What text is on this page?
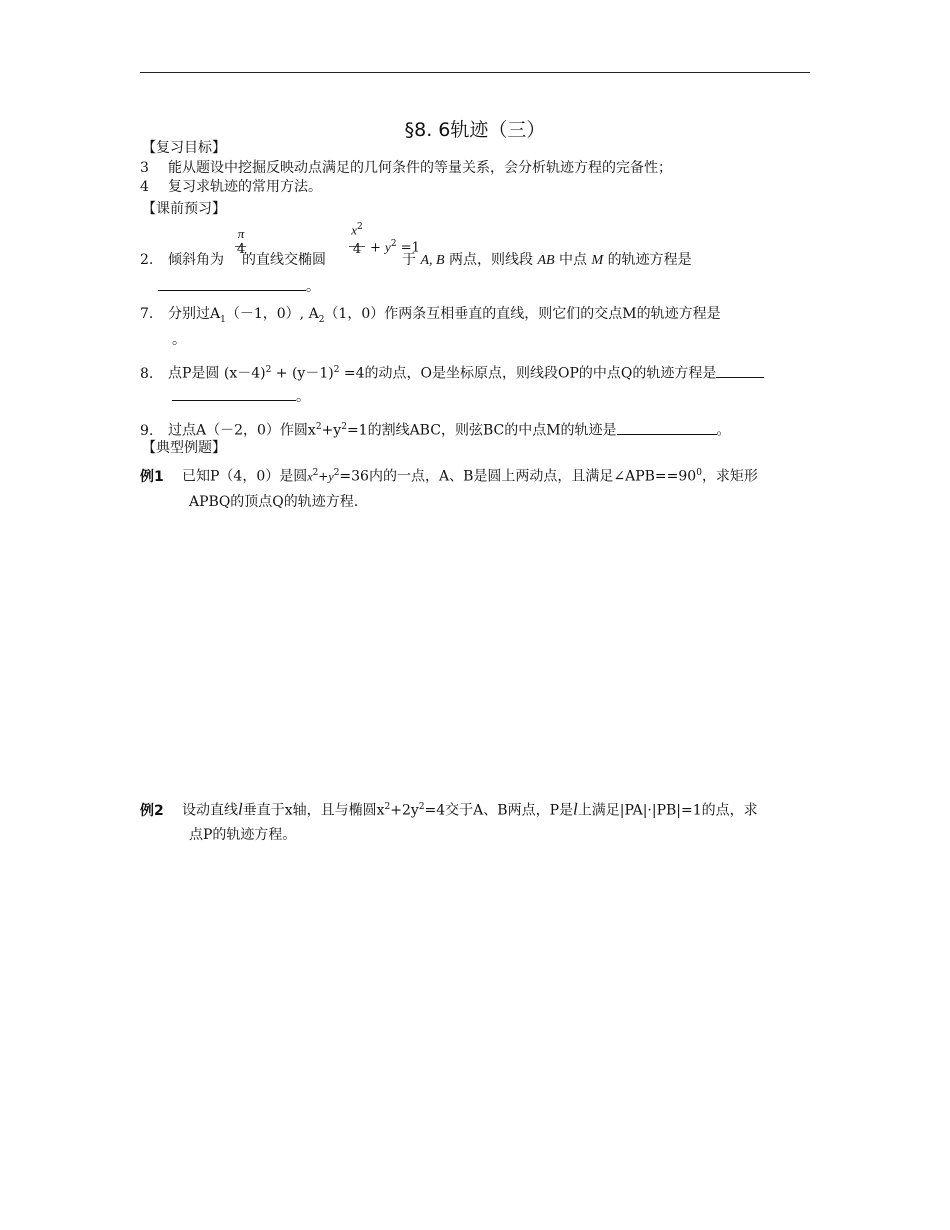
§8. 6轨迹（三）
【复习目标】
3 能从题设中挖掘反映动点满足的几何条件的等量关系，会分析轨迹方程的完备性；
4 复习求轨迹的常用方法。
【课前预习】
π
4
$x^2$
$4 + y^2 =1$
2. 倾斜角为 的直线交椭圆	于 A, B 两点，则线段 AB 中点 M 的轨迹方程是
。
7. 分别过$A_1(-1$，0）, $A_2(1$，0）作两条互相垂直的直线，则它们的交点M的轨迹方程是
。
8. 点P是圆 $(x-4)^2 + (y-1)^2 =4$的动点，O是坐标原点，则线段OP的中点Q的轨迹方程是
。
9. 过点A（－2，0）作圆$x^2+y^2=1$的割线ABC，则弦BC的中点M的轨迹是	。
【典型例题】
例1 已知P（4，0）是圆$x^2+y^2=36$内的一点，A、B是圆上两动点，且满足$\angle APB==90^0$，求矩形
APBQ的顶点Q的轨迹方程.
例2 设动直线l垂直于x轴，且与椭圆$x^2+2y^2=4$交于A、B两点，P是l上满足|PA|·|PB|=1的点，求
点P的轨迹方程。
